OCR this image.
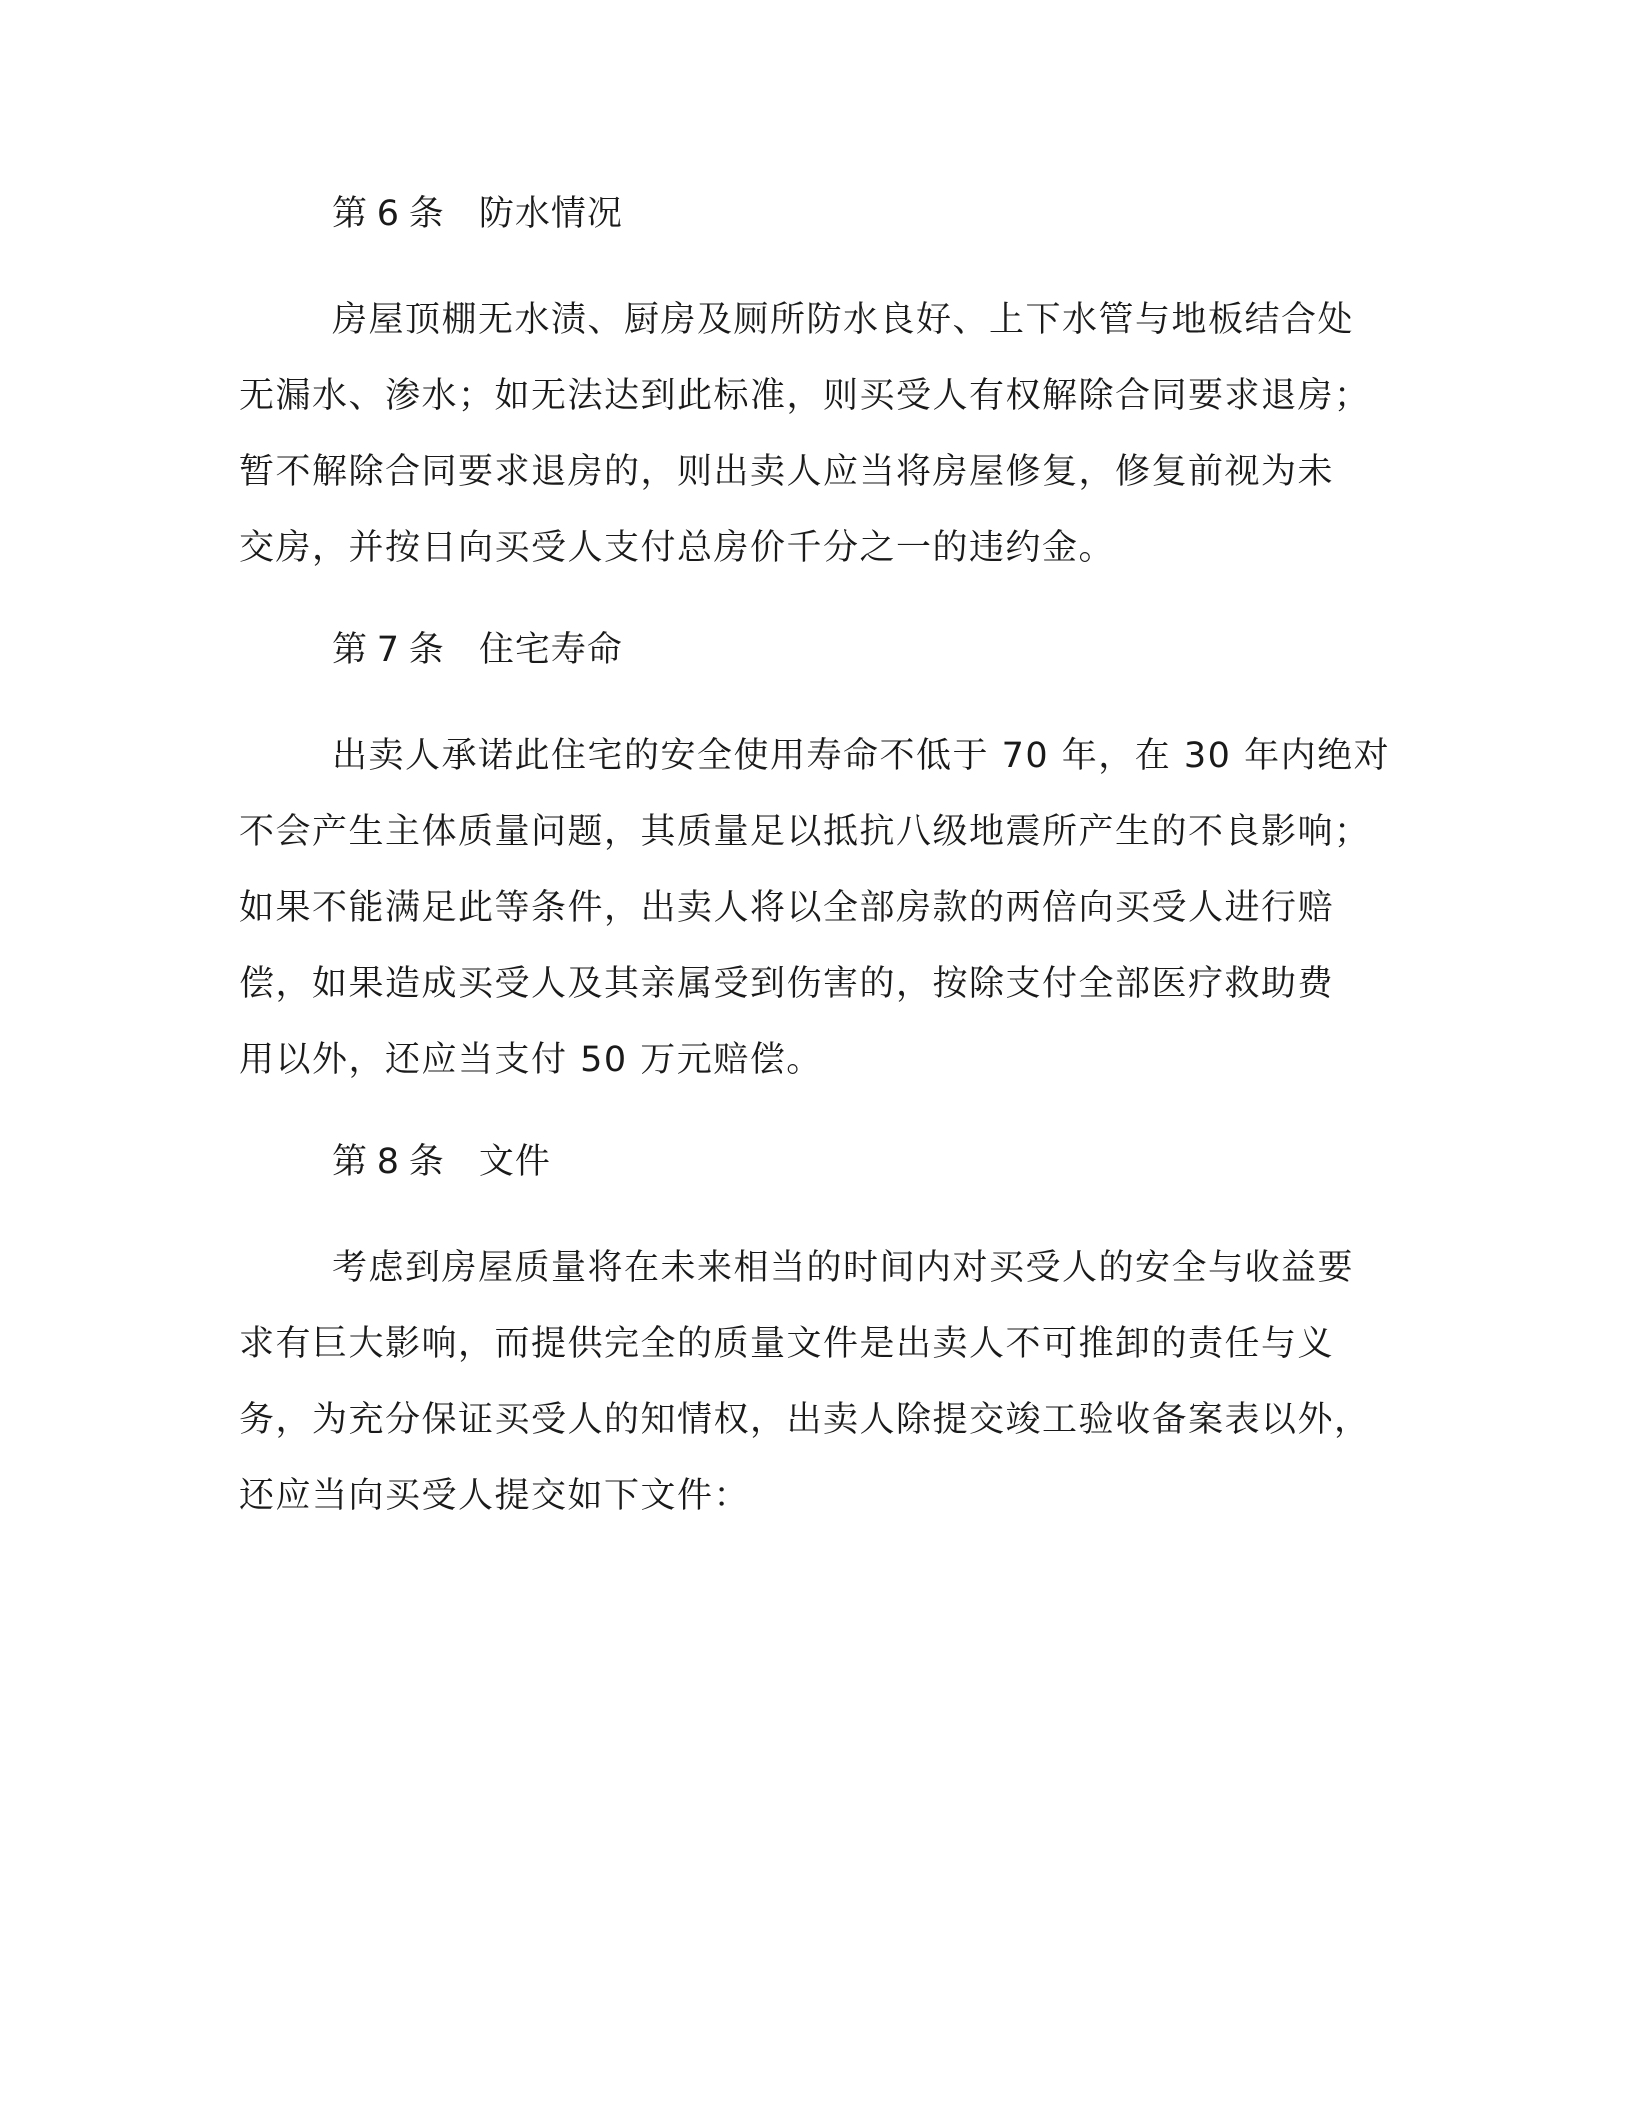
第 6 条 防水情况
房屋顶棚无水渍、厨房及厕所防水良好、上下水管与地板结合处
无漏水、渗水；如无法达到此标准，则买受人有权解除合同要求退房；
暂不解除合同要求退房的，则出卖人应当将房屋修复，修复前视为未
交房，并按日向买受人支付总房价千分之一的违约金。
第 7 条 住宅寿命
出卖人承诺此住宅的安全使用寿命不低于 70 年，在 30 年内绝对
不会产生主体质量问题，其质量足以抵抗八级地震所产生的不良影响；
如果不能满足此等条件，出卖人将以全部房款的两倍向买受人进行赔
偿，如果造成买受人及其亲属受到伤害的，按除支付全部医疗救助费
用以外，还应当支付 50 万元赔偿。
第 8 条 文件
考虑到房屋质量将在未来相当的时间内对买受人的安全与收益要
求有巨大影响，而提供完全的质量文件是出卖人不可推卸的责任与义
务，为充分保证买受人的知情权，出卖人除提交竣工验收备案表以外，
还应当向买受人提交如下文件：
